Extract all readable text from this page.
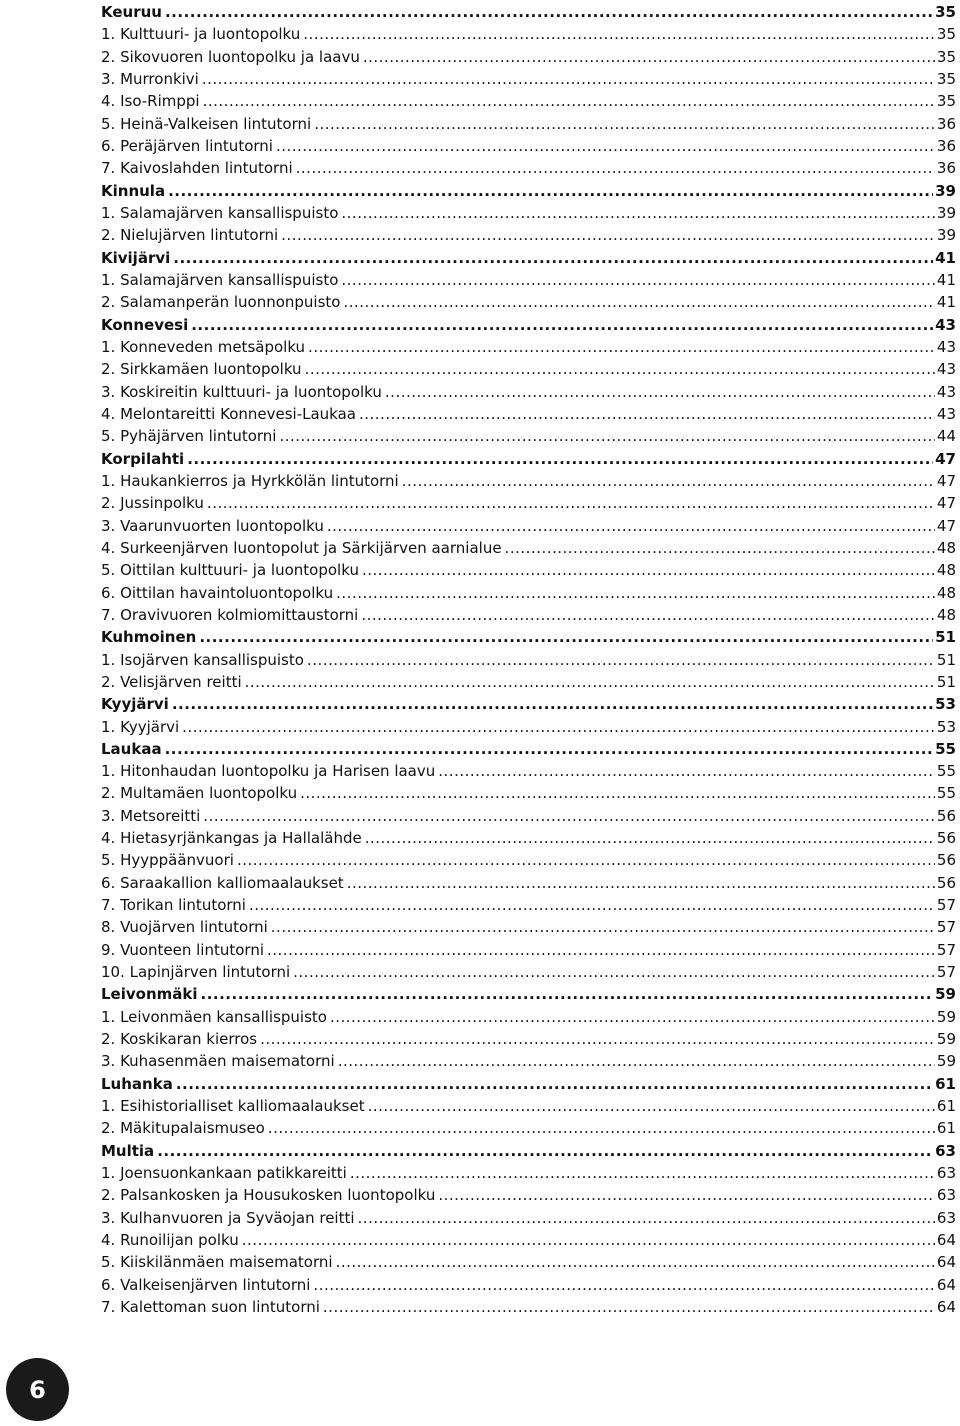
Keuruu .....	35
1. Kulttuuri- ja luontopolku .....	35
2. Sikovuoren luontopolku ja laavu .....	35
3. Murronkivi .....	35
4. Iso-Rimppi .....	35
5. Heinä-Valkeisen lintutorni .....	36
6. Peräjärven lintutorni .....	36
7. Kaivoslahden lintutorni .....	36
Kinnula .....	39
1. Salamajärven kansallispuisto .....	39
2. Nielujärven lintutorni .....	39
Kivijärvi .....	41
1. Salamajärven kansallispuisto .....	41
2. Salamanperän luonnonpuisto .....	41
Konnevesi .....	43
1. Konneveden metsäpolku .....	43
2. Sirkkamäen luontopolku .....	43
3. Koskireitin kulttuuri- ja luontopolku .....	43
4. Melontareitti Konnevesi-Laukaa .....	43
5. Pyhäjärven lintutorni .....	44
Korpilahti .....	47
1. Haukankierros ja Hyrkkölän lintutorni .....	47
2. Jussinpolku .....	47
3. Vaarunvuorten luontopolku .....	47
4. Surkeenjärven luontopolut ja Särkijärven aarnialue .....	48
5. Oittilan kulttuuri- ja luontopolku .....	48
6. Oittilan havaintoluontopolku .....	48
7. Oravivuoren kolmiomittaustorni .....	48
Kuhmoinen .....	51
1. Isojärven kansallispuisto .....	51
2. Velisjärven reitti .....	51
Kyyjärvi .....	53
1. Kyyjärvi .....	53
Laukaa .....	55
1. Hitonhaudan luontopolku ja Harisen laavu .....	55
2. Multamäen luontopolku .....	55
3. Metsoreitti .....	56
4. Hietasyrjänkangas ja Hallalähde .....	56
5. Hyyppäänvuori .....	56
6. Saraakallion kalliomaalaukset .....	56
7. Torikan lintutorni .....	57
8. Vuojärven lintutorni .....	57
9. Vuonteen lintutorni .....	57
10. Lapinjärven lintutorni .....	57
Leivonmäki .....	59
1. Leivonmäen kansallispuisto .....	59
2. Koskikaran kierros .....	59
3. Kuhasenmäen maisematorni .....	59
Luhanka .....	61
1. Esihistorialliset kalliomaalaukset .....	61
2. Mäkitupalaismuseo .....	61
Multia .....	63
1. Joensuonkankaan patikkareitti .....	63
2. Palsankosken ja Housukosken luontopolku .....	63
3. Kulhanvuoren ja Syväojan reitti .....	63
4. Runoilijan polku .....	64
5. Kiiskilänmäen maisematorni .....	64
6. Valkeisenjärven lintutorni .....	64
7. Kalettoman suon lintutorni .....	64
6
